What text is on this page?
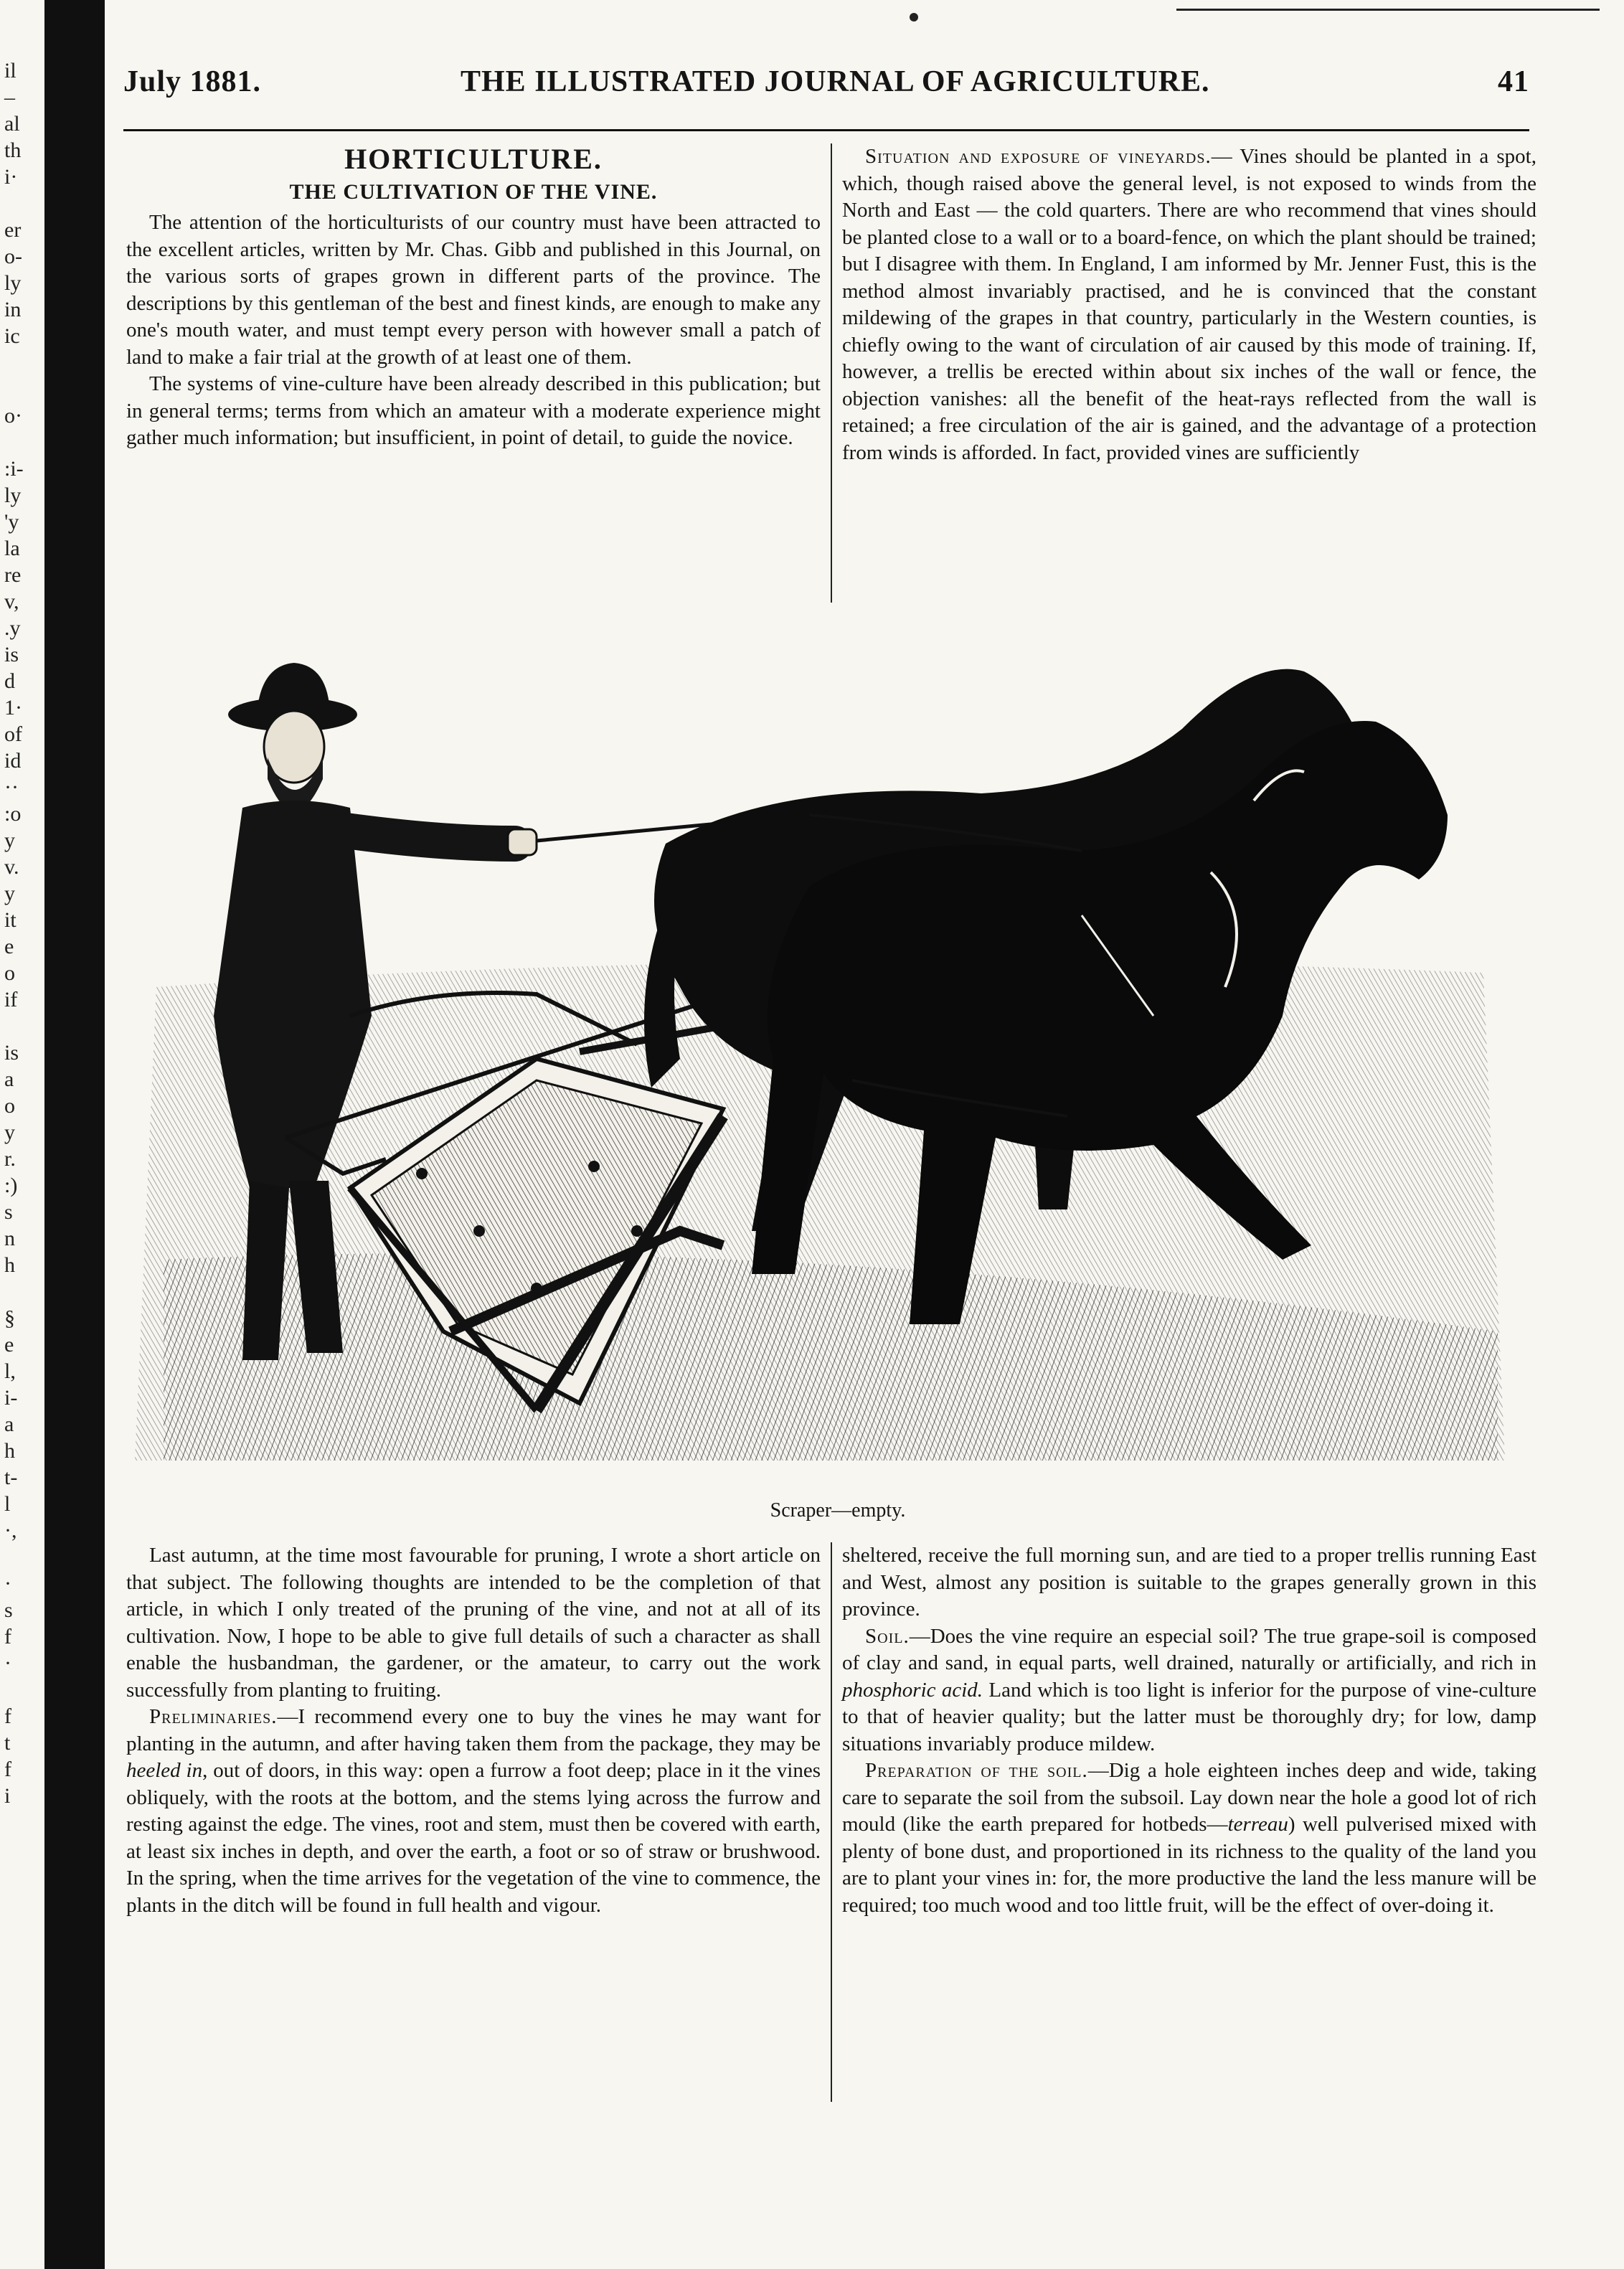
il
–
al
th
i·
er
o-
ly
in
ic
o·
:i-
ly
'y
la
re
v,
.y
is
d
1·
of
id
··
:o
y
v.
y
it
e
o
if
is
a
o
y
r.
:)
s
n
h
§
e
l,
i-
a
h
t-
l
·,
·
s
f
·
f
t
f
i
July 1881.	THE ILLUSTRATED JOURNAL OF AGRICULTURE.	41
HORTICULTURE.
THE CULTIVATION OF THE VINE.

The attention of the horticulturists of our country must have been attracted to the excellent articles, written by Mr. Chas. Gibb and published in this Journal, on the various sorts of grapes grown in different parts of the province. The descriptions by this gentleman of the best and finest kinds, are enough to make any one's mouth water, and must tempt every person with however small a patch of land to make a fair trial at the growth of at least one of them.

The systems of vine-culture have been already described in this publication; but in general terms; terms from which an amateur with a moderate experience might gather much information; but insufficient, in point of detail, to guide the novice.

Situation and exposure of vineyards.— Vines should be planted in a spot, which, though raised above the general level, is not exposed to winds from the North and East — the cold quarters. There are who recommend that vines should be planted close to a wall or to a board-fence, on which the plant should be trained; but I disagree with them. In England, I am informed by Mr. Jenner Fust, this is the method almost invariably practised, and he is convinced that the constant mildewing of the grapes in that country, particularly in the Western counties, is chiefly owing to the want of circulation of air caused by this mode of training. If, however, a trellis be erected within about six inches of the wall or fence, the objection vanishes: all the benefit of the heat-rays reflected from the wall is retained; a free circulation of the air is gained, and the advantage of a protection from winds is afforded. In fact, provided vines are sufficiently

Scraper—empty.

Last autumn, at the time most favourable for pruning, I wrote a short article on that subject. The following thoughts are intended to be the completion of that article, in which I only treated of the pruning of the vine, and not at all of its cultivation. Now, I hope to be able to give full details of such a character as shall enable the husbandman, the gardener, or the amateur, to carry out the work successfully from planting to fruiting.

Preliminaries.—I recommend every one to buy the vines he may want for planting in the autumn, and after having taken them from the package, they may be heeled in, out of doors, in this way: open a furrow a foot deep; place in it the vines obliquely, with the roots at the bottom, and the stems lying across the furrow and resting against the edge. The vines, root and stem, must then be covered with earth, at least six inches in depth, and over the earth, a foot or so of straw or brushwood. In the spring, when the time arrives for the vegetation of the vine to commence, the plants in the ditch will be found in full health and vigour.

sheltered, receive the full morning sun, and are tied to a proper trellis running East and West, almost any position is suitable to the grapes generally grown in this province.

Soil.—Does the vine require an especial soil? The true grape-soil is composed of clay and sand, in equal parts, well drained, naturally or artificially, and rich in phosphoric acid. Land which is too light is inferior for the purpose of vine-culture to that of heavier quality; but the latter must be thoroughly dry; for low, damp situations invariably produce mildew.

Preparation of the soil.—Dig a hole eighteen inches deep and wide, taking care to separate the soil from the subsoil. Lay down near the hole a good lot of rich mould (like the earth prepared for hotbeds—terreau) well pulverised mixed with plenty of bone dust, and proportioned in its richness to the quality of the land you are to plant your vines in: for, the more productive the land the less manure will be required; too much wood and too little fruit, will be the effect of over-doing it.
